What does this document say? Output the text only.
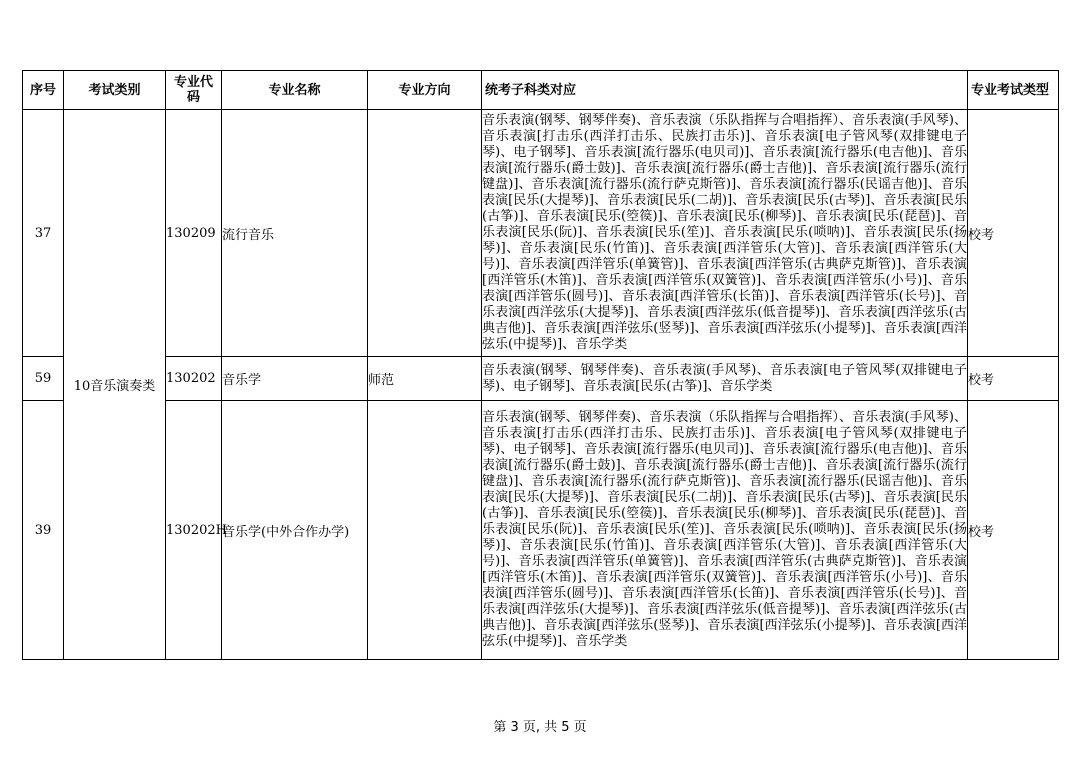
序号	考试类别	专业代码	专业名称	专业方向	统考子科类对应	专业考试类型
37	10音乐演奏类	130209	流行音乐		音乐表演(钢琴、钢琴伴奏)、音乐表演（乐队指挥与合唱指挥）、音乐表演(手风琴)、音乐表演[打击乐(西洋打击乐、民族打击乐)]、音乐表演[电子管风琴(双排键电子琴)、电子钢琴]、音乐表演[流行器乐(电贝司)]、音乐表演[流行器乐(电吉他)]、音乐表演[流行器乐(爵士鼓)]、音乐表演[流行器乐(爵士吉他)]、音乐表演[流行器乐(流行键盘)]、音乐表演[流行器乐(流行萨克斯管)]、音乐表演[流行器乐(民谣吉他)]、音乐表演[民乐(大提琴)]、音乐表演[民乐(二胡)]、音乐表演[民乐(古琴)]、音乐表演[民乐(古筝)]、音乐表演[民乐(箜篌)]、音乐表演[民乐(柳琴)]、音乐表演[民乐(琵琶)]、音乐表演[民乐(阮)]、音乐表演[民乐(笙)]、音乐表演[民乐(唢呐)]、音乐表演[民乐(扬琴)]、音乐表演[民乐(竹笛)]、音乐表演[西洋管乐(大管)]、音乐表演[西洋管乐(大号)]、音乐表演[西洋管乐(单簧管)]、音乐表演[西洋管乐(古典萨克斯管)]、音乐表演[西洋管乐(木笛)]、音乐表演[西洋管乐(双簧管)]、音乐表演[西洋管乐(小号)]、音乐表演[西洋管乐(圆号)]、音乐表演[西洋管乐(长笛)]、音乐表演[西洋管乐(长号)]、音乐表演[西洋弦乐(大提琴)]、音乐表演[西洋弦乐(低音提琴)]、音乐表演[西洋弦乐(古典吉他)]、音乐表演[西洋弦乐(竖琴)]、音乐表演[西洋弦乐(小提琴)]、音乐表演[西洋弦乐(中提琴)]、音乐学类	校考
59		130202	音乐学	师范	音乐表演(钢琴、钢琴伴奏)、音乐表演(手风琴)、音乐表演[电子管风琴(双排键电子琴)、电子钢琴]、音乐表演[民乐(古筝)]、音乐学类	校考
39		130202H	音乐学(中外合作办学)		音乐表演(钢琴、钢琴伴奏)、音乐表演（乐队指挥与合唱指挥）、音乐表演(手风琴)、音乐表演[打击乐(西洋打击乐、民族打击乐)]、音乐表演[电子管风琴(双排键电子琴)、电子钢琴]、音乐表演[流行器乐(电贝司)]、音乐表演[流行器乐(电吉他)]、音乐表演[流行器乐(爵士鼓)]、音乐表演[流行器乐(爵士吉他)]、音乐表演[流行器乐(流行键盘)]、音乐表演[流行器乐(流行萨克斯管)]、音乐表演[流行器乐(民谣吉他)]、音乐表演[民乐(大提琴)]、音乐表演[民乐(二胡)]、音乐表演[民乐(古琴)]、音乐表演[民乐(古筝)]、音乐表演[民乐(箜篌)]、音乐表演[民乐(柳琴)]、音乐表演[民乐(琵琶)]、音乐表演[民乐(阮)]、音乐表演[民乐(笙)]、音乐表演[民乐(唢呐)]、音乐表演[民乐(扬琴)]、音乐表演[民乐(竹笛)]、音乐表演[西洋管乐(大管)]、音乐表演[西洋管乐(大号)]、音乐表演[西洋管乐(单簧管)]、音乐表演[西洋管乐(古典萨克斯管)]、音乐表演[西洋管乐(木笛)]、音乐表演[西洋管乐(双簧管)]、音乐表演[西洋管乐(小号)]、音乐表演[西洋管乐(圆号)]、音乐表演[西洋管乐(长笛)]、音乐表演[西洋管乐(长号)]、音乐表演[西洋弦乐(大提琴)]、音乐表演[西洋弦乐(低音提琴)]、音乐表演[西洋弦乐(古典吉他)]、音乐表演[西洋弦乐(竖琴)]、音乐表演[西洋弦乐(小提琴)]、音乐表演[西洋弦乐(中提琴)]、音乐学类	校考
第 3 页, 共 5 页
